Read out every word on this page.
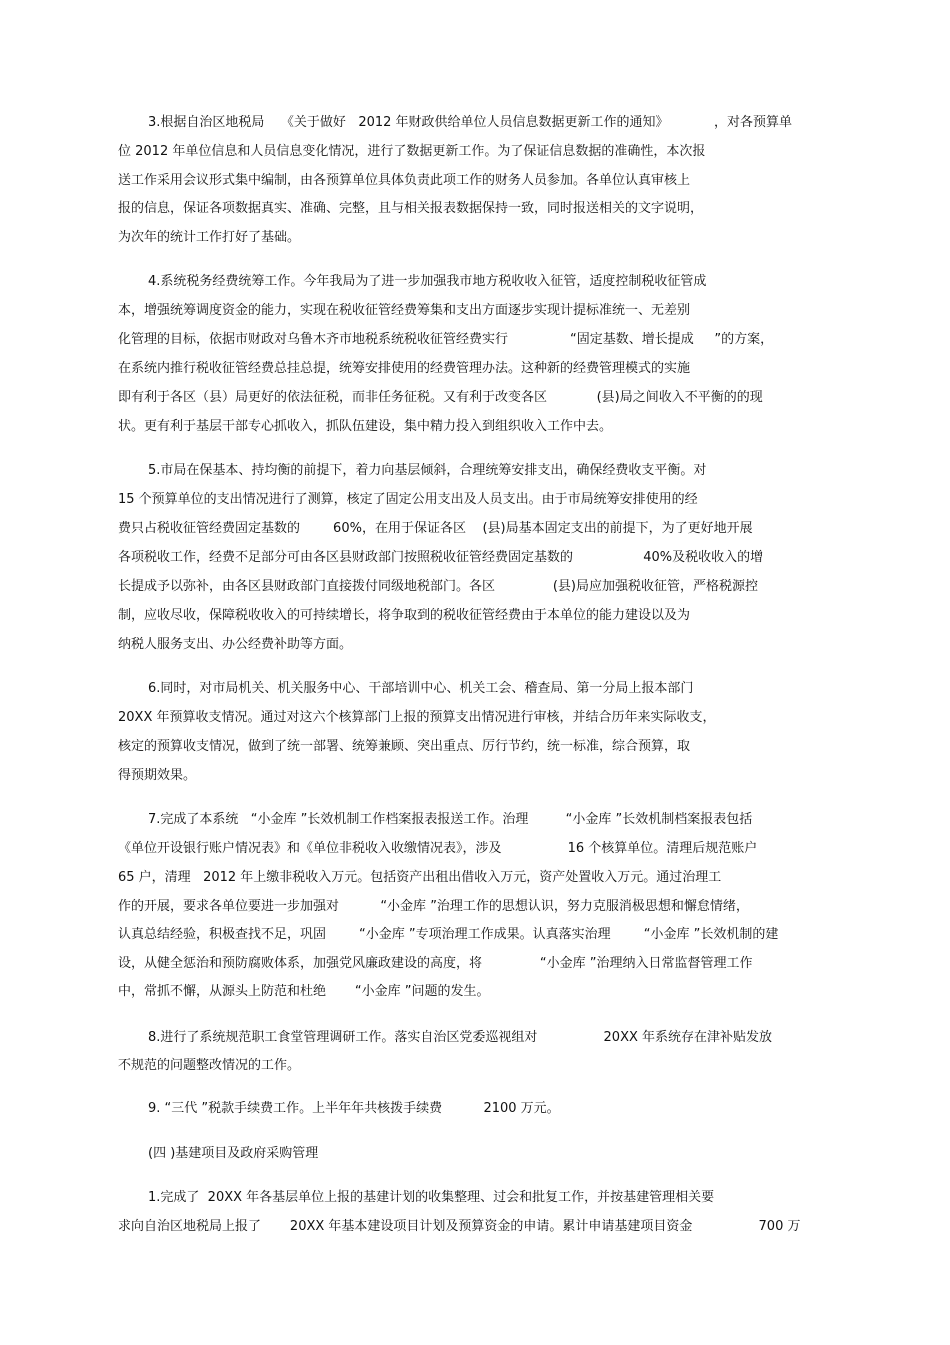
3.根据自治区地税局    《关于做好   2012 年财政供给单位人员信息数据更新工作的通知》           ，对各预算单

位 2012 年单位信息和人员信息变化情况，进行了数据更新工作。为了保证信息数据的准确性，本次报

送工作采用会议形式集中编制，由各预算单位具体负责此项工作的财务人员参加。各单位认真审核上

报的信息，保证各项数据真实、准确、完整，且与相关报表数据保持一致，同时报送相关的文字说明，

为次年的统计工作打好了基础。

4.系统税务经费统筹工作。今年我局为了进一步加强我市地方税收收入征管，适度控制税收征管成

本，增强统筹调度资金的能力，实现在税收征管经费筹集和支出方面逐步实现计提标准统一、无差别

化管理的目标，依据市财政对乌鲁木齐市地税系统税收征管经费实行               “固定基数、增长提成     ”的方案，

在系统内推行税收征管经费总挂总提，统筹安排使用的经费管理办法。这种新的经费管理模式的实施

即有利于各区（县）局更好的依法征税，而非任务征税。又有利于改变各区            (县)局之间收入不平衡的的现

状。更有利于基层干部专心抓收入，抓队伍建设，集中精力投入到组织收入工作中去。

5.市局在保基本、持均衡的前提下，着力向基层倾斜，合理统筹安排支出，确保经费收支平衡。对

15 个预算单位的支出情况进行了测算，核定了固定公用支出及人员支出。由于市局统筹安排使用的经

费只占税收征管经费固定基数的        60%，在用于保证各区    (县)局基本固定支出的前提下，为了更好地开展

各项税收工作，经费不足部分可由各区县财政部门按照税收征管经费固定基数的                 40%及税收收入的增

长提成予以弥补，由各区县财政部门直接拨付同级地税部门。各区              (县)局应加强税收征管，严格税源控

制，应收尽收，保障税收收入的可持续增长，将争取到的税收征管经费由于本单位的能力建设以及为

纳税人服务支出、办公经费补助等方面。

6.同时，对市局机关、机关服务中心、干部培训中心、机关工会、稽查局、第一分局上报本部门

20XX 年预算收支情况。通过对这六个核算部门上报的预算支出情况进行审核，并结合历年来实际收支，

核定的预算收支情况，做到了统一部署、统筹兼顾、突出重点、厉行节约，统一标准，综合预算，取

得预期效果。

7.完成了本系统   “小金库 ”长效机制工作档案报表报送工作。治理         “小金库 ”长效机制档案报表包括

《单位开设银行账户情况表》和《单位非税收入收缴情况表》，涉及                16 个核算单位。清理后规范账户

65 户，清理   2012 年上缴非税收入万元。包括资产出租出借收入万元，资产处置收入万元。通过治理工

作的开展，要求各单位要进一步加强对          “小金库 ”治理工作的思想认识，努力克服消极思想和懈怠情绪，

认真总结经验，积极查找不足，巩固        “小金库 ”专项治理工作成果。认真落实治理        “小金库 ”长效机制的建

设，从健全惩治和预防腐败体系，加强党风廉政建设的高度，将              “小金库 ”治理纳入日常监督管理工作

中，常抓不懈，从源头上防范和杜绝       “小金库 ”问题的发生。

8.进行了系统规范职工食堂管理调研工作。落实自治区党委巡视组对                20XX 年系统存在津补贴发放

不规范的问题整改情况的工作。

9. “三代 ”税款手续费工作。上半年年共核拨手续费          2100 万元。

(四 )基建项目及政府采购管理

1.完成了  20XX 年各基层单位上报的基建计划的收集整理、过会和批复工作，并按基建管理相关要

求向自治区地税局上报了       20XX 年基本建设项目计划及预算资金的申请。累计申请基建项目资金                700 万
